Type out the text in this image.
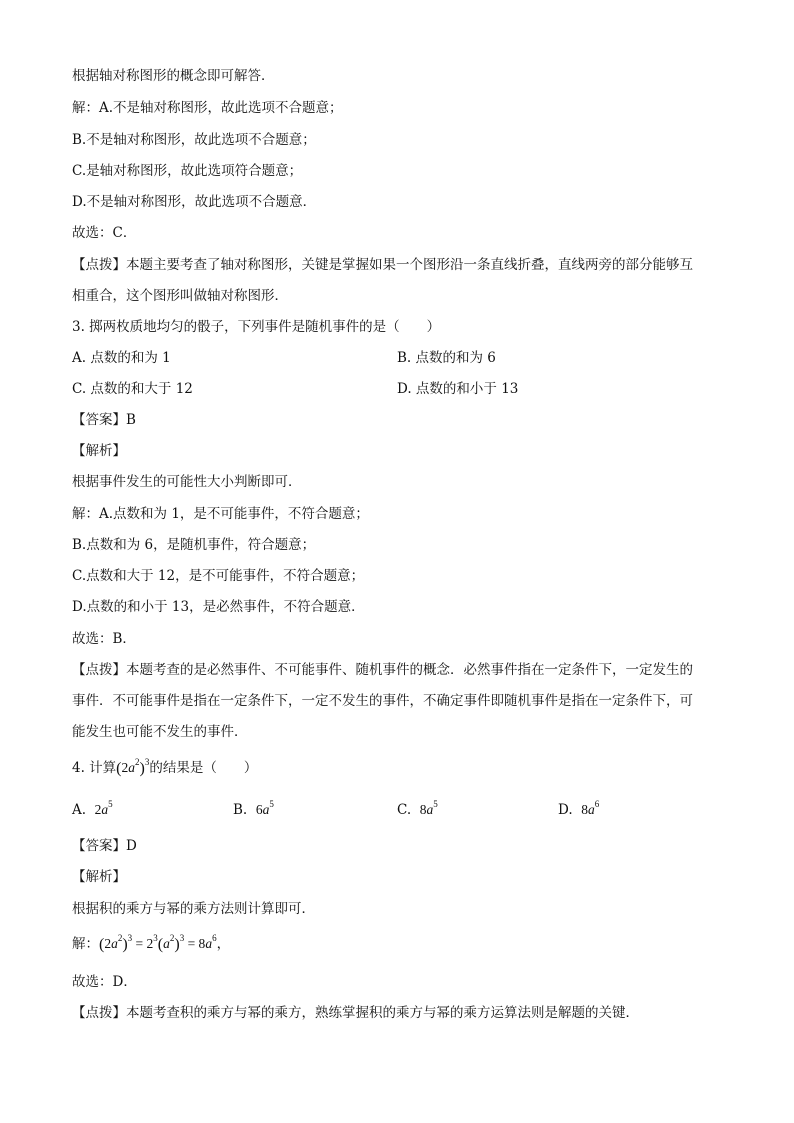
根据轴对称图形的概念即可解答．
解：A.不是轴对称图形，故此选项不合题意；
B.不是轴对称图形，故此选项不合题意；
C.是轴对称图形，故此选项符合题意；
D.不是轴对称图形，故此选项不合题意．
故选：C．
【点拨】本题主要考查了轴对称图形，关键是掌握如果一个图形沿一条直线折叠，直线两旁的部分能够互
相重合，这个图形叫做轴对称图形．
3. 掷两枚质地均匀的骰子，下列事件是随机事件的是（　　）
A. 点数的和为 1	B. 点数的和为 6
C. 点数的和大于 12	D. 点数的和小于 13
【答案】B
【解析】
根据事件发生的可能性大小判断即可．
解：A.点数和为 1，是不可能事件，不符合题意；
B.点数和为 6，是随机事件，符合题意；
C.点数和大于 12，是不可能事件，不符合题意；
D.点数的和小于 13，是必然事件，不符合题意．
故选：B．
【点拨】本题考查的是必然事件、不可能事件、随机事件的概念．必然事件指在一定条件下，一定发生的
事件．不可能事件是指在一定条件下，一定不发生的事件，不确定事件即随机事件是指在一定条件下，可
能发生也可能不发生的事件．
4. 计算$(2a^2)^3$的结果是（　　）
A. $2a^5$	B. $6a^5$	C. $8a^5$	D. $8a^6$
【答案】D
【解析】
根据积的乘方与幂的乘方法则计算即可．
解：$(2a^2)^3 = 2^3(a^2)^3 = 8a^6$，
故选：D．
【点拨】本题考查积的乘方与幂的乘方，熟练掌握积的乘方与幂的乘方运算法则是解题的关键．
